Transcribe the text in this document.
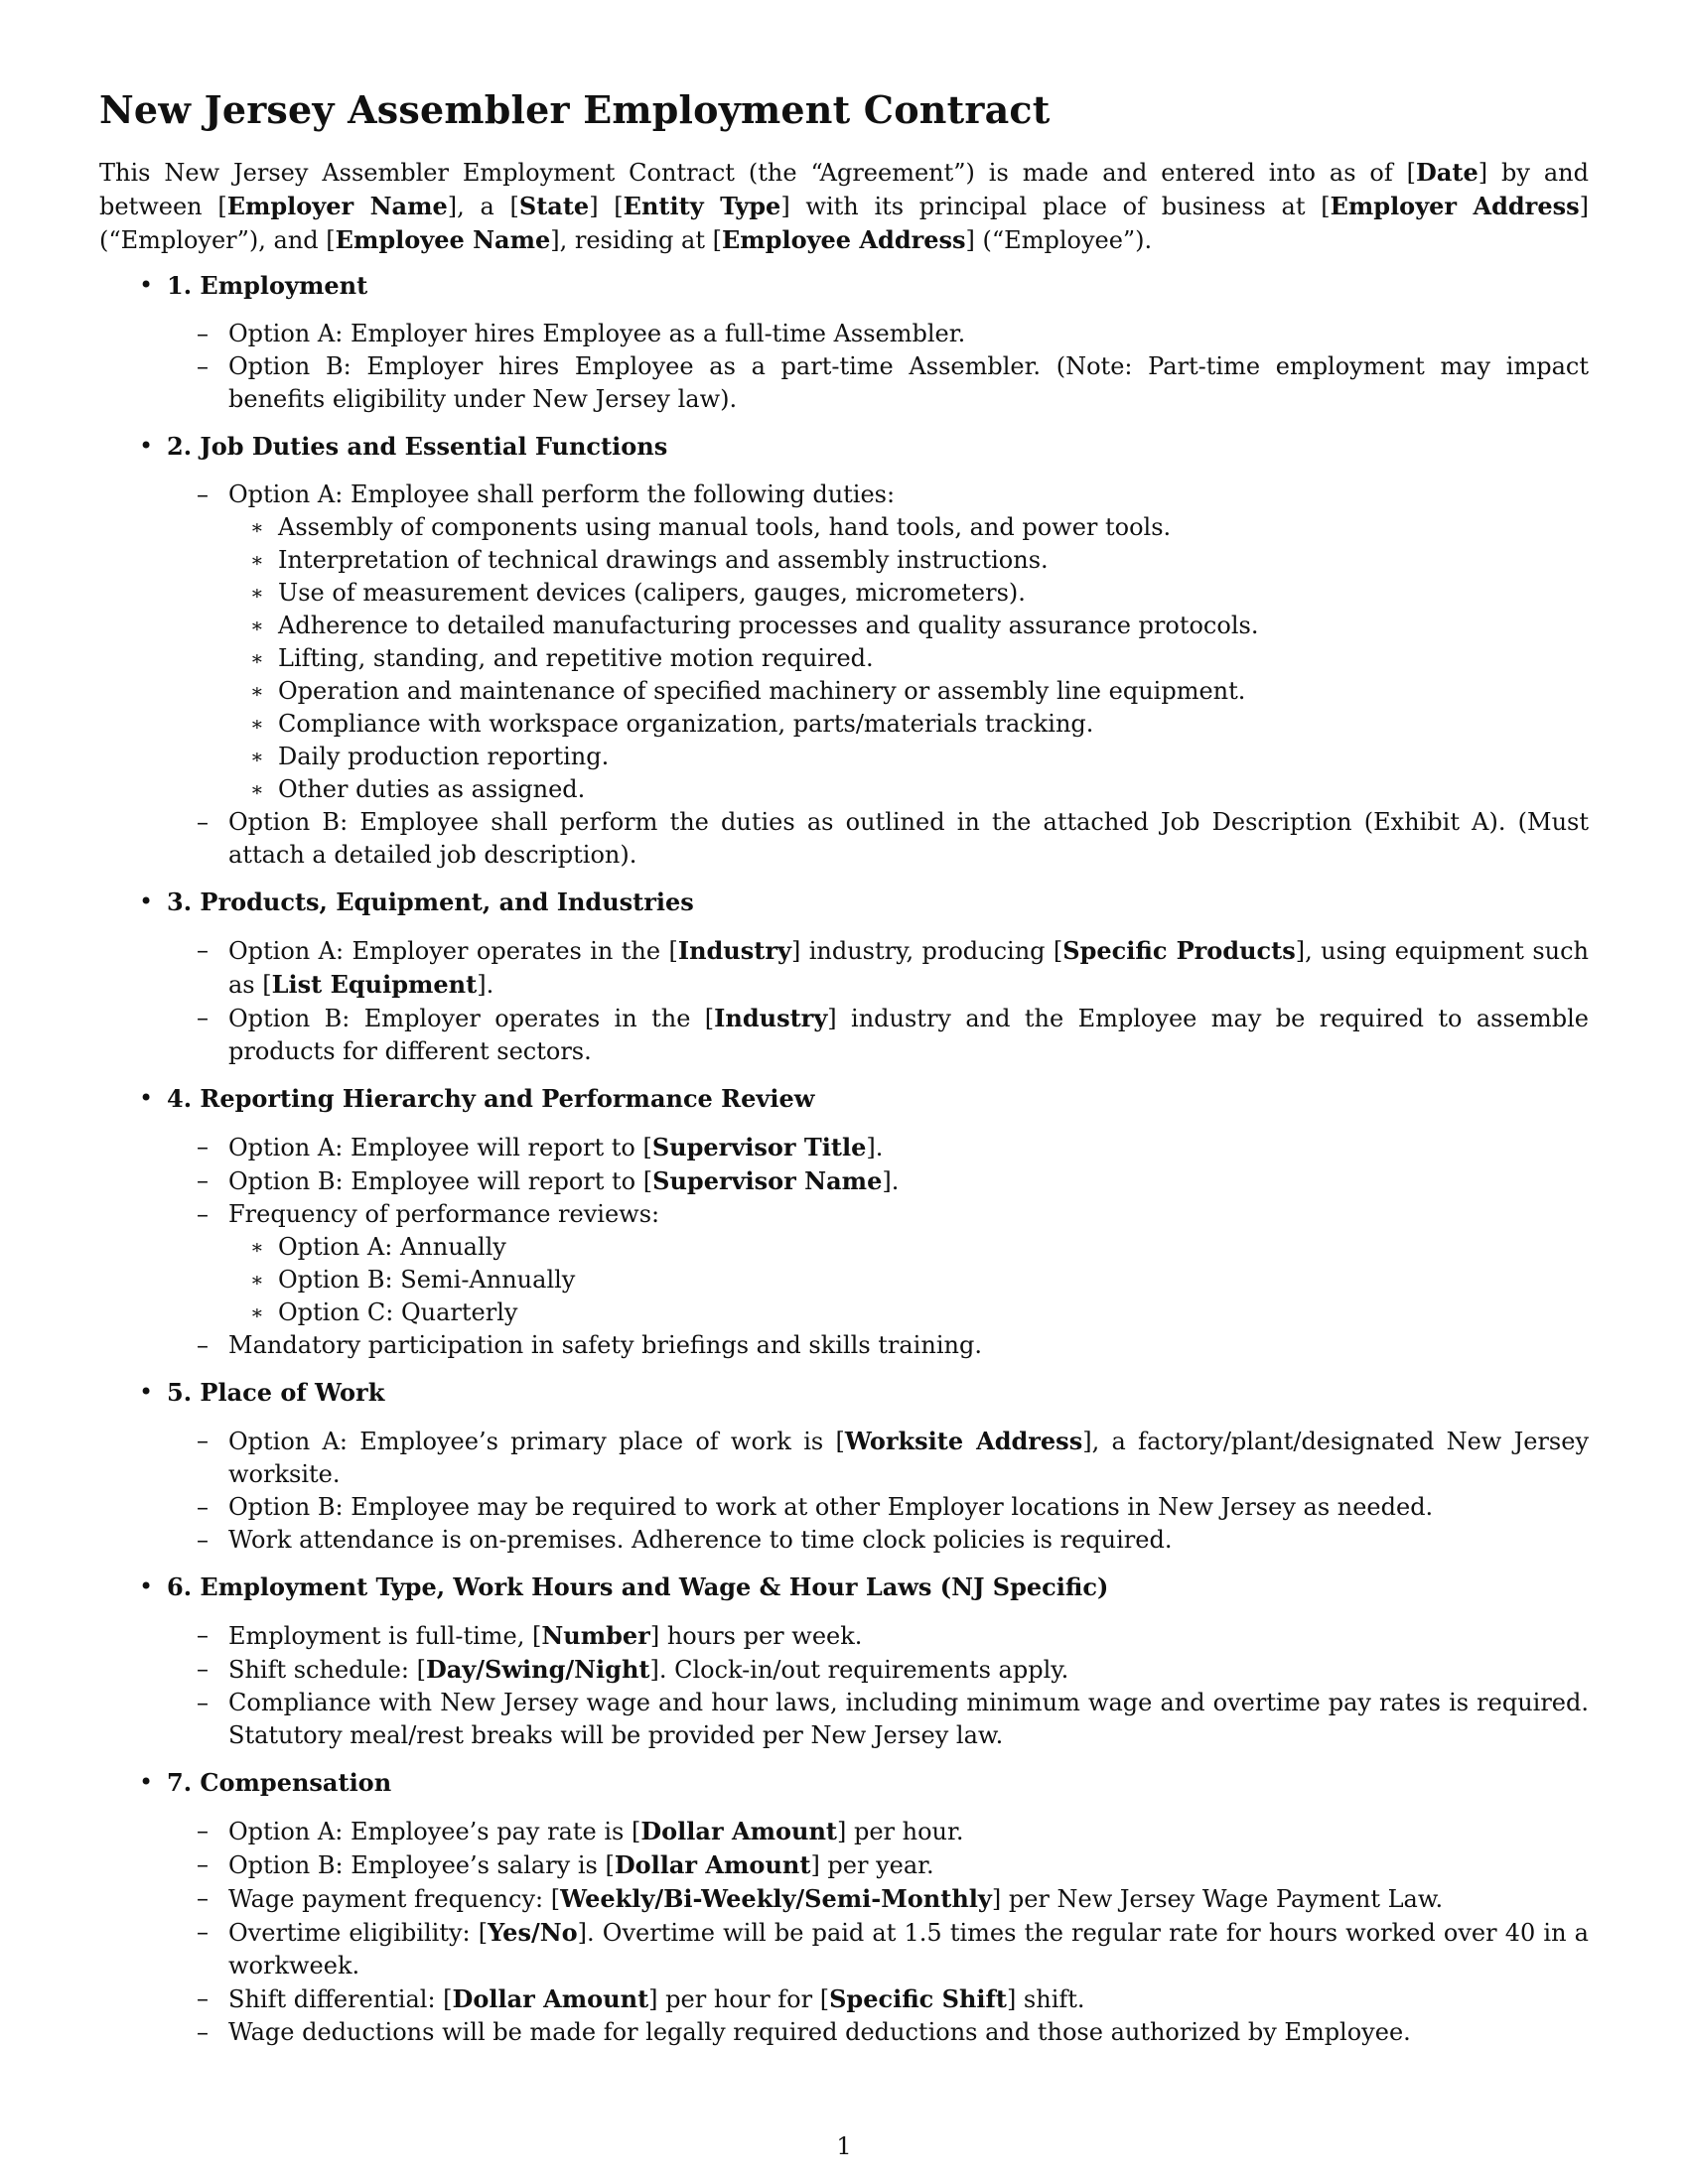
New Jersey Assembler Employment Contract

This New Jersey Assembler Employment Contract (the “Agreement”) is made and entered into as of [Date] by and between [Employer Name], a [State] [Entity Type] with its principal place of business at [Employer Address] (“Employer”), and [Employee Name], residing at [Employee Address] (“Employee”).

• 1. Employment
– Option A: Employer hires Employee as a full-time Assembler.
– Option B: Employer hires Employee as a part-time Assembler. (Note: Part-time employment may impact benefits eligibility under New Jersey law).
• 2. Job Duties and Essential Functions
– Option A: Employee shall perform the following duties:
∗ Assembly of components using manual tools, hand tools, and power tools.
∗ Interpretation of technical drawings and assembly instructions.
∗ Use of measurement devices (calipers, gauges, micrometers).
∗ Adherence to detailed manufacturing processes and quality assurance protocols.
∗ Lifting, standing, and repetitive motion required.
∗ Operation and maintenance of specified machinery or assembly line equipment.
∗ Compliance with workspace organization, parts/materials tracking.
∗ Daily production reporting.
∗ Other duties as assigned.
– Option B: Employee shall perform the duties as outlined in the attached Job Description (Exhibit A). (Must attach a detailed job description).
• 3. Products, Equipment, and Industries
– Option A: Employer operates in the [Industry] industry, producing [Specific Products], using equipment such as [List Equipment].
– Option B: Employer operates in the [Industry] industry and the Employee may be required to assemble products for different sectors.
• 4. Reporting Hierarchy and Performance Review
– Option A: Employee will report to [Supervisor Title].
– Option B: Employee will report to [Supervisor Name].
– Frequency of performance reviews:
∗ Option A: Annually
∗ Option B: Semi-Annually
∗ Option C: Quarterly
– Mandatory participation in safety briefings and skills training.
• 5. Place of Work
– Option A: Employee’s primary place of work is [Worksite Address], a factory/plant/designated New Jersey worksite.
– Option B: Employee may be required to work at other Employer locations in New Jersey as needed.
– Work attendance is on-premises. Adherence to time clock policies is required.
• 6. Employment Type, Work Hours and Wage & Hour Laws (NJ Specific)
– Employment is full-time, [Number] hours per week.
– Shift schedule: [Day/Swing/Night]. Clock-in/out requirements apply.
– Compliance with New Jersey wage and hour laws, including minimum wage and overtime pay rates is required. Statutory meal/rest breaks will be provided per New Jersey law.
• 7. Compensation
– Option A: Employee’s pay rate is [Dollar Amount] per hour.
– Option B: Employee’s salary is [Dollar Amount] per year.
– Wage payment frequency: [Weekly/Bi-Weekly/Semi-Monthly] per New Jersey Wage Payment Law.
– Overtime eligibility: [Yes/No]. Overtime will be paid at 1.5 times the regular rate for hours worked over 40 in a workweek.
– Shift differential: [Dollar Amount] per hour for [Specific Shift] shift.
– Wage deductions will be made for legally required deductions and those authorized by Employee.
1
